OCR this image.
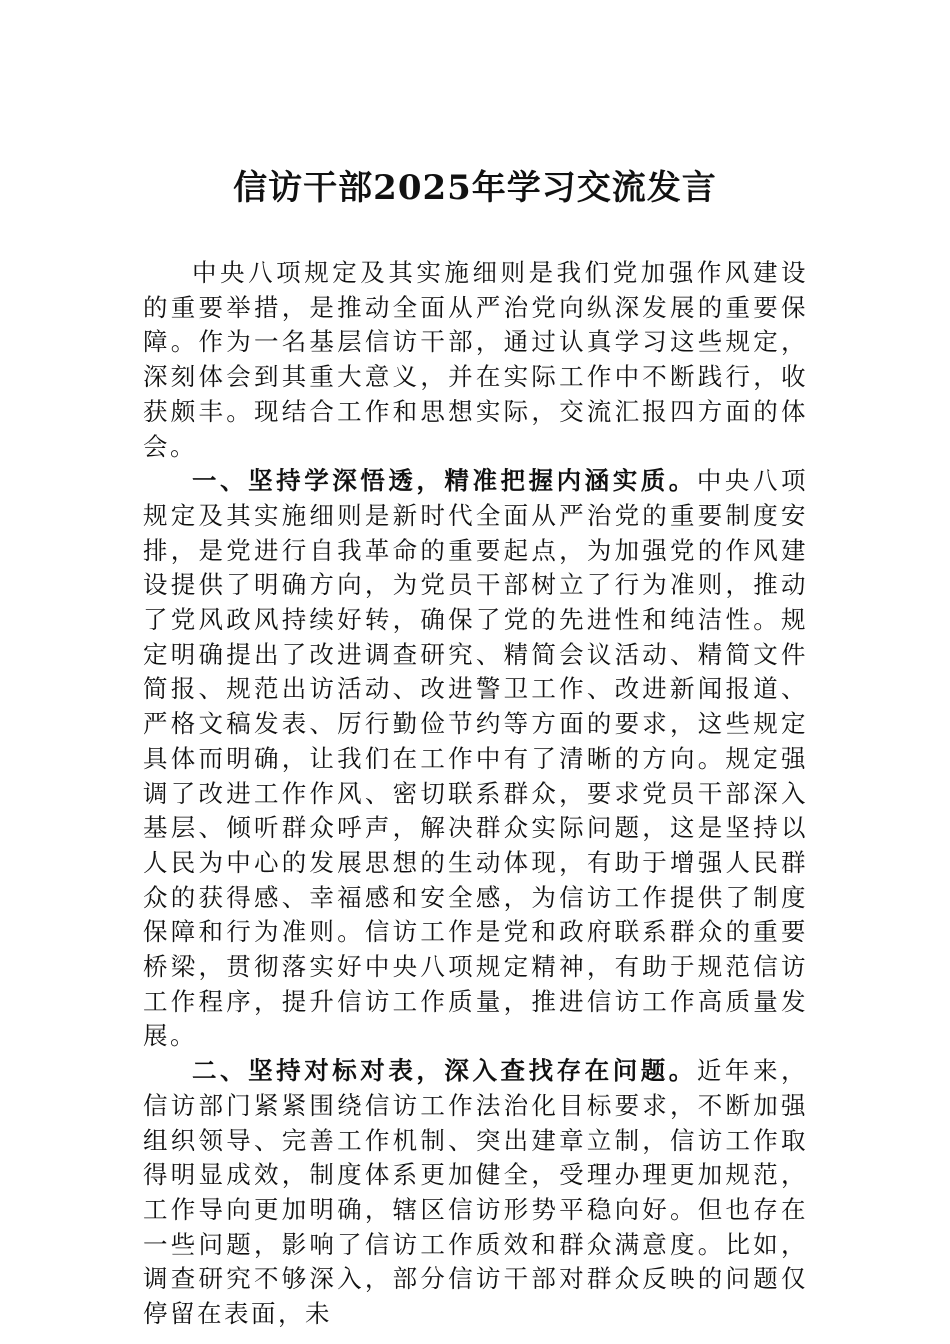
信访干部2025年学习交流发言

中央八项规定及其实施细则是我们党加强作风建设的重要举措，是推动全面从严治党向纵深发展的重要保障。作为一名基层信访干部，通过认真学习这些规定，深刻体会到其重大意义，并在实际工作中不断践行，收获颇丰。现结合工作和思想实际，交流汇报四方面的体会。

一、坚持学深悟透，精准把握内涵实质。中央八项规定及其实施细则是新时代全面从严治党的重要制度安排，是党进行自我革命的重要起点，为加强党的作风建设提供了明确方向，为党员干部树立了行为准则，推动了党风政风持续好转，确保了党的先进性和纯洁性。规定明确提出了改进调查研究、精简会议活动、精简文件简报、规范出访活动、改进警卫工作、改进新闻报道、严格文稿发表、厉行勤俭节约等方面的要求，这些规定具体而明确，让我们在工作中有了清晰的方向。规定强调了改进工作作风、密切联系群众，要求党员干部深入基层、倾听群众呼声，解决群众实际问题，这是坚持以人民为中心的发展思想的生动体现，有助于增强人民群众的获得感、幸福感和安全感，为信访工作提供了制度保障和行为准则。信访工作是党和政府联系群众的重要桥梁，贯彻落实好中央八项规定精神，有助于规范信访工作程序，提升信访工作质量，推进信访工作高质量发展。

二、坚持对标对表，深入查找存在问题。近年来，信访部门紧紧围绕信访工作法治化目标要求，不断加强组织领导、完善工作机制、突出建章立制，信访工作取得明显成效，制度体系更加健全，受理办理更加规范，工作导向更加明确，辖区信访形势平稳向好。但也存在一些问题，影响了信访工作质效和群众满意度。比如，调查研究不够深入，部分信访干部对群众反映的问题仅停留在表面，未
